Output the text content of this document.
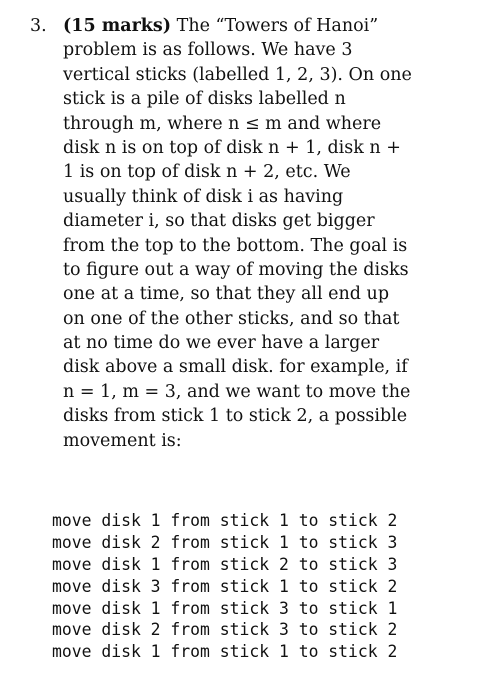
3. (15 marks) The “Towers of Hanoi”
problem is as follows. We have 3
vertical sticks (labelled 1, 2, 3). On one
stick is a pile of disks labelled n
through m, where n ≤ m and where
disk n is on top of disk n + 1, disk n +
1 is on top of disk n + 2, etc. We
usually think of disk i as having
diameter i, so that disks get bigger
from the top to the bottom. The goal is
to figure out a way of moving the disks
one at a time, so that they all end up
on one of the other sticks, and so that
at no time do we ever have a larger
disk above a small disk. for example, if
n = 1, m = 3, and we want to move the
disks from stick 1 to stick 2, a possible
movement is:
move disk 1 from stick 1 to stick 2
move disk 2 from stick 1 to stick 3
move disk 1 from stick 2 to stick 3
move disk 3 from stick 1 to stick 2
move disk 1 from stick 3 to stick 1
move disk 2 from stick 3 to stick 2
move disk 1 from stick 1 to stick 2
